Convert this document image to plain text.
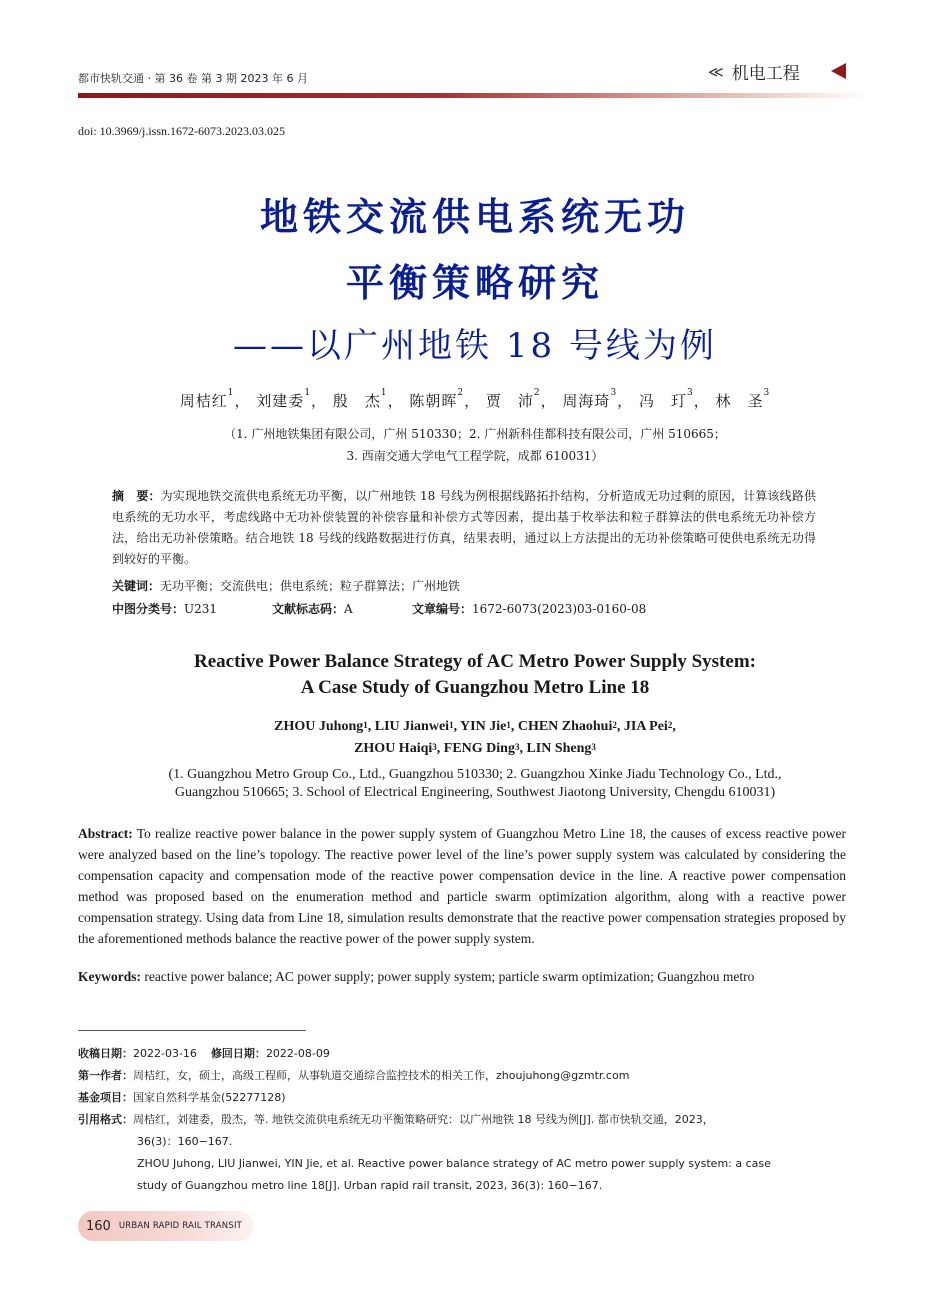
都市快轨交通 · 第 36 卷 第 3 期 2023 年 6 月	≪ 机电工程
doi: 10.3969/j.issn.1672-6073.2023.03.025
地铁交流供电系统无功
平衡策略研究
——以广州地铁 18 号线为例
周桔红$^1$， 刘建委$^1$， 殷　杰$^1$， 陈朝晖$^2$， 贾　沛$^2$， 周海琦$^3$， 冯　玎$^3$， 林　圣$^3$
（1. 广州地铁集团有限公司，广州 510330；2. 广州新科佳都科技有限公司，广州 510665；
3. 西南交通大学电气工程学院，成都 610031）
摘　要：为实现地铁交流供电系统无功平衡，以广州地铁 18 号线为例根据线路拓扑结构，分析造成无功过剩的原因，计算该线路供电系统的无功水平，考虑线路中无功补偿装置的补偿容量和补偿方式等因素，提出基于枚举法和粒子群算法的供电系统无功补偿方法，给出无功补偿策略。结合地铁 18 号线的线路数据进行仿真，结果表明，通过以上方法提出的无功补偿策略可使供电系统无功得到较好的平衡。
关键词：无功平衡；交流供电；供电系统；粒子群算法；广州地铁
中图分类号：U231	文献标志码：A	文章编号：1672-6073(2023)03-0160-08
Reactive Power Balance Strategy of AC Metro Power Supply System:
A Case Study of Guangzhou Metro Line 18
ZHOU Juhong$^1$, LIU Jianwei$^1$, YIN Jie$^1$, CHEN Zhaohui$^2$, JIA Pei$^2$,
ZHOU Haiqi$^3$, FENG Ding$^3$, LIN Sheng$^3$
(1. Guangzhou Metro Group Co., Ltd., Guangzhou 510330; 2. Guangzhou Xinke Jiadu Technology Co., Ltd.,
Guangzhou 510665; 3. School of Electrical Engineering, Southwest Jiaotong University, Chengdu 610031)
Abstract: To realize reactive power balance in the power supply system of Guangzhou Metro Line 18, the causes of excess reactive power were analyzed based on the line’s topology. The reactive power level of the line’s power supply system was calculated by considering the compensation capacity and compensation mode of the reactive power compensation device in the line. A reactive power compensation method was proposed based on the enumeration method and particle swarm optimization algorithm, along with a reactive power compensation strategy. Using data from Line 18, simulation results demonstrate that the reactive power compensation strategies proposed by the aforementioned methods balance the reactive power of the power supply system.
Keywords: reactive power balance; AC power supply; power supply system; particle swarm optimization; Guangzhou metro
收稿日期： 2022-03-16 修回日期： 2022-08-09
第一作者： 周桔红，女，硕士，高级工程师，从事轨道交通综合监控技术的相关工作，zhoujuhong@gzmtr.com
基金项目： 国家自然科学基金(52277128)
引用格式： 周桔红，刘建委，殷杰，等. 地铁交流供电系统无功平衡策略研究：以广州地铁 18 号线为例[J]. 都市快轨交通，2023，
36(3)：160−167.
ZHOU Juhong, LIU Jianwei, YIN Jie, et al. Reactive power balance strategy of AC metro power supply system: a case
study of Guangzhou metro line 18[J]. Urban rapid rail transit, 2023, 36(3): 160−167.
160 URBAN RAPID RAIL TRANSIT
